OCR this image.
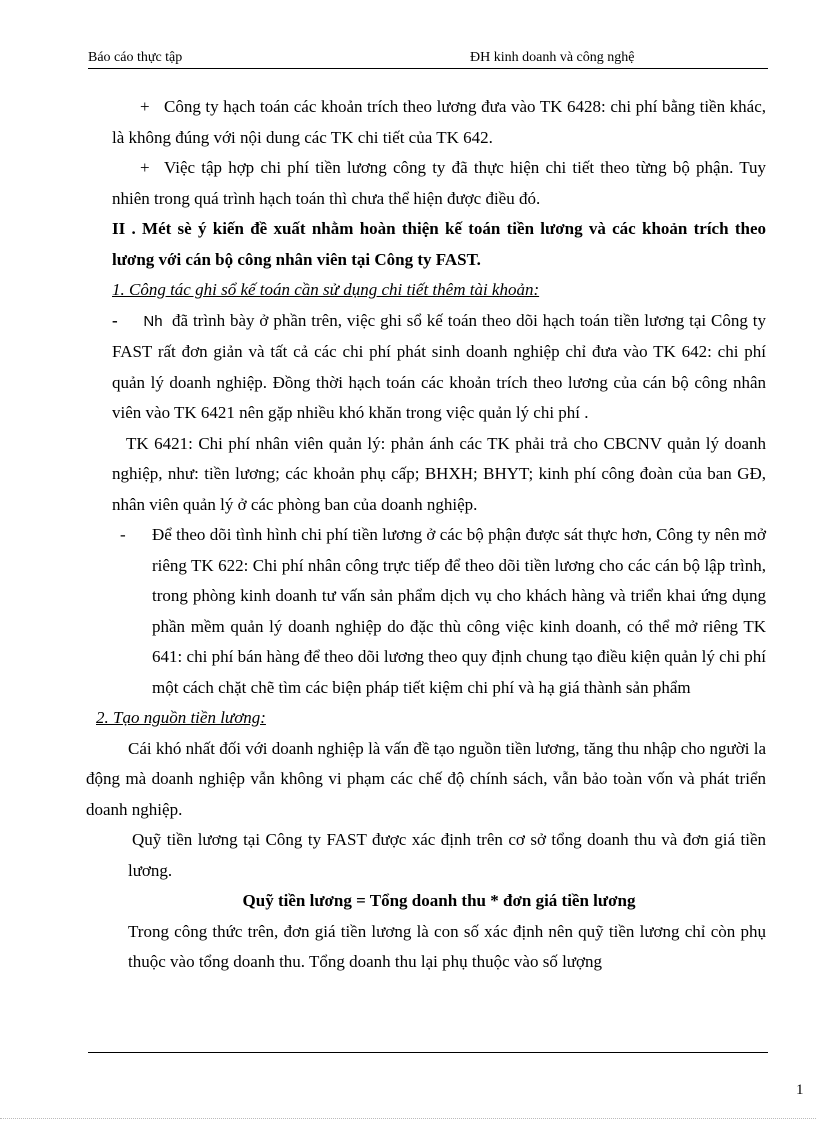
Báo cáo thực tập	ĐH kinh doanh và công nghệ

+ Công ty hạch toán các khoản trích theo lương đưa vào TK 6428: chi phí bằng tiền khác, là không đúng với nội dung các TK chi tiết của TK 642.

+ Việc tập hợp chi phí tiền lương công ty đã thực hiện chi tiết theo từng bộ phận. Tuy nhiên trong quá trình hạch toán thì chưa thể hiện được điều đó.

II . Mét sè ý kiến đề xuất nhằm hoàn thiện kế toán tiền lương và các khoản trích theo lương với cán bộ công nhân viên tại Công ty FAST.

1. Công tác ghi sổ kế toán cần sử dụng chi tiết thêm tài khoản:

- Nh đã trình bày ở phần trên, việc ghi sổ kế toán theo dõi hạch toán tiền lương tại Công ty FAST rất đơn giản và tất cả các chi phí phát sinh doanh nghiệp chỉ đưa vào TK 642: chi phí quản lý doanh nghiệp. Đồng thời hạch toán các khoản trích theo lương của cán bộ công nhân viên vào TK 6421 nên gặp nhiều khó khăn trong việc quản lý chi phí .

TK 6421: Chi phí nhân viên quản lý: phản ánh các TK phải trả cho CBCNV quản lý doanh nghiệp, như: tiền lương; các khoản phụ cấp; BHXH; BHYT; kinh phí công đoàn của ban GĐ, nhân viên quản lý ở các phòng ban của doanh nghiệp.

- Để theo dõi tình hình chi phí tiền lương ở các bộ phận được sát thực hơn, Công ty nên mở riêng TK 622: Chi phí nhân công trực tiếp để theo dõi tiền lương cho các cán bộ lập trình, trong phòng kinh doanh tư vấn sản phẩm dịch vụ cho khách hàng và triển khai ứng dụng phần mềm quản lý doanh nghiệp do đặc thù công việc kinh doanh, có thể mở riêng TK 641: chi phí bán hàng để theo dõi lương theo quy định chung tạo điều kiện quản lý chi phí một cách chặt chẽ tìm các biện pháp tiết kiệm chi phí và hạ giá thành sản phẩm

2. Tạo nguồn tiền lương:

Cái khó nhất đối với doanh nghiệp là vấn đề tạo nguồn tiền lương, tăng thu nhập cho người la động mà doanh nghiệp vẫn không vi phạm các chế độ chính sách, vẫn bảo toàn vốn và phát triển doanh nghiệp.

Quỹ tiền lương tại Công ty FAST được xác định trên cơ sở tổng doanh thu và đơn giá tiền lương.

Quỹ tiền lương = Tổng doanh thu * đơn giá tiền lương

Trong công thức trên, đơn giá tiền lương là con số xác định nên quỹ tiền lương chỉ còn phụ thuộc vào tổng doanh thu. Tổng doanh thu lại phụ thuộc vào số lượng

1
